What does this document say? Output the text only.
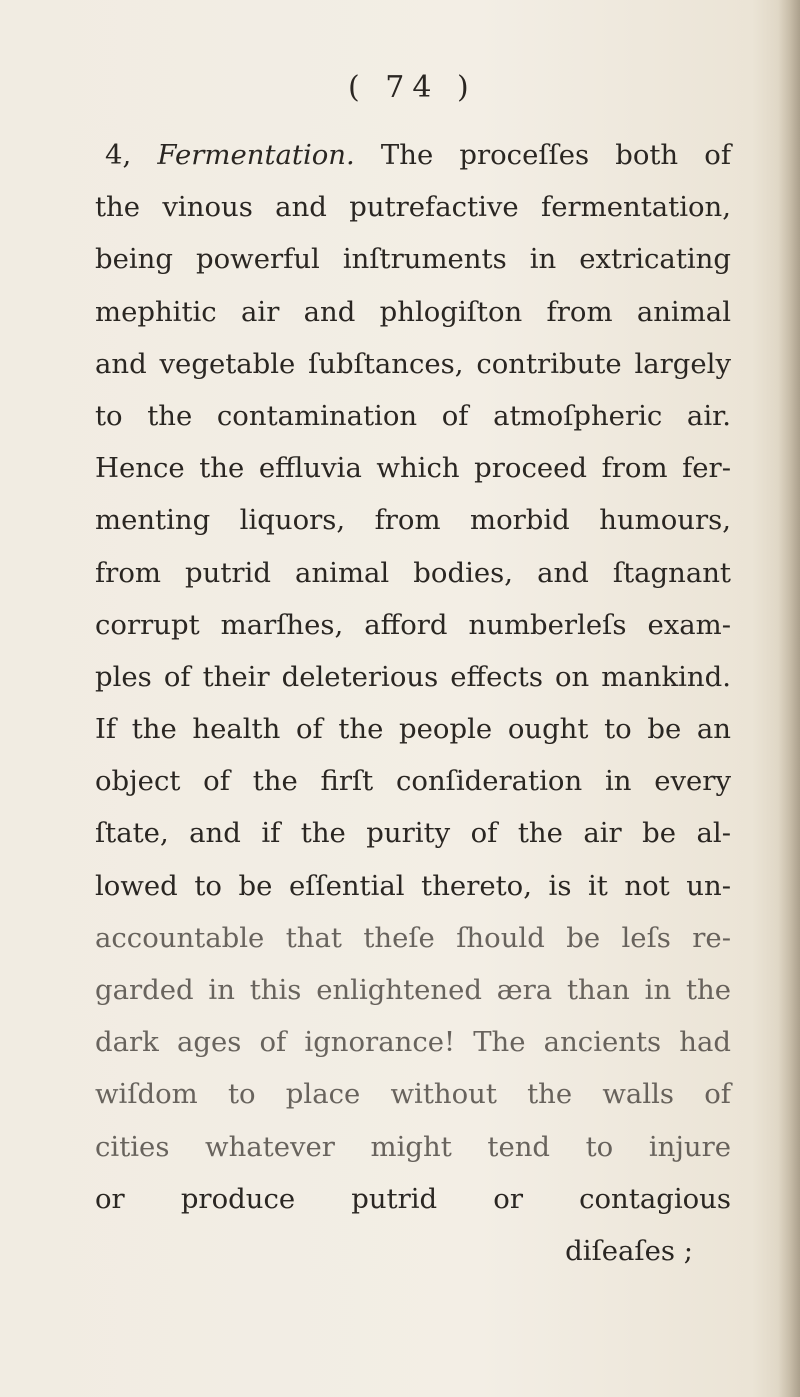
( 74 )
4, Fermentation. The proceſſes both of
the vinous and putrefactive fermentation,
being powerful inſtruments in extricating
mephitic air and phlogiſton from animal
and vegetable ſubſtances, contribute largely
to the contamination of atmoſpheric air.
Hence the effluvia which proceed from fer-
menting liquors, from morbid humours,
from putrid animal bodies, and ſtagnant
corrupt marſhes, afford numberleſs exam-
ples of their deleterious effects on mankind.
If the health of the people ought to be an
object of the firſt conſideration in every
ſtate, and if the purity of the air be al-
lowed to be eſſential thereto, is it not un-
accountable that theſe ſhould be leſs re-
garded in this enlightened æra than in the
dark ages of ignorance! The ancients had
wiſdom to place without the walls of
cities whatever might tend to injure
or produce putrid or contagious
diſeaſes ;
